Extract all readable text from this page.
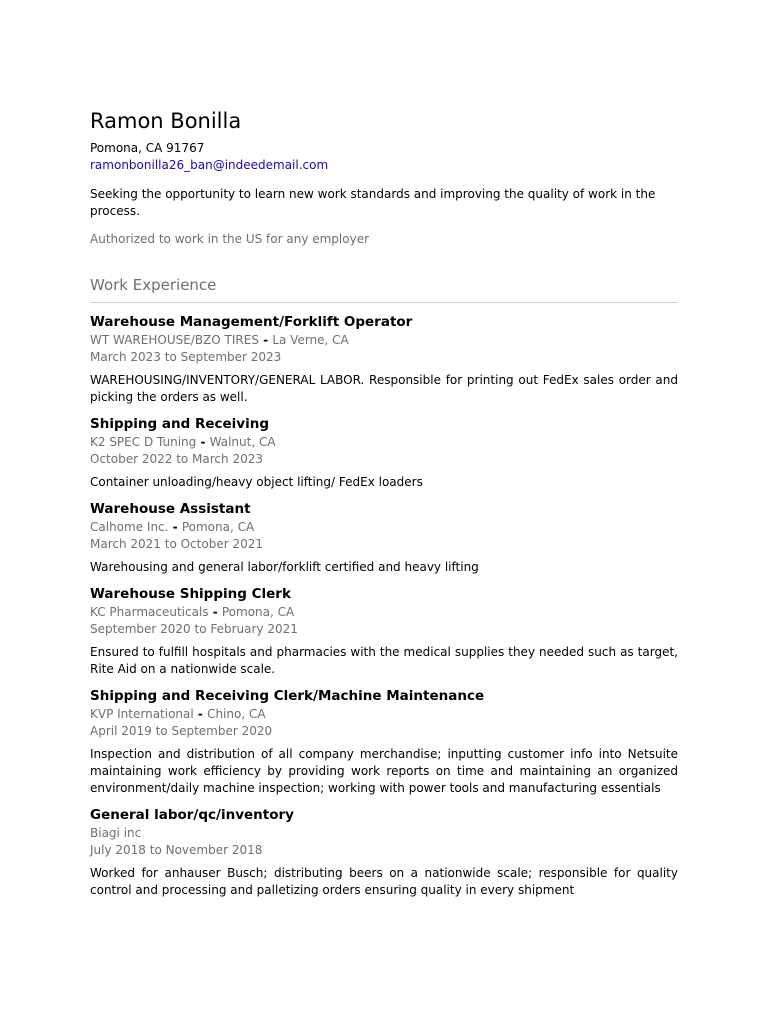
Ramon Bonilla

Pomona, CA 91767

ramonbonilla26_ban@indeedemail.com

Seeking the opportunity to learn new work standards and improving the quality of work in the process.

Authorized to work in the US for any employer

Work Experience

Warehouse Management/Forklift Operator

WT WAREHOUSE/BZO TIRES - La Verne, CA

March 2023 to September 2023

WAREHOUSING/INVENTORY/GENERAL LABOR. Responsible for printing out FedEx sales order and picking the orders as well.

Shipping and Receiving

K2 SPEC D Tuning - Walnut, CA

October 2022 to March 2023

Container unloading/heavy object lifting/ FedEx loaders

Warehouse Assistant

Calhome Inc. - Pomona, CA

March 2021 to October 2021

Warehousing and general labor/forklift certified and heavy lifting

Warehouse Shipping Clerk

KC Pharmaceuticals - Pomona, CA

September 2020 to February 2021

Ensured to fulfill hospitals and pharmacies with the medical supplies they needed such as target, Rite Aid on a nationwide scale.

Shipping and Receiving Clerk/Machine Maintenance

KVP International - Chino, CA

April 2019 to September 2020

Inspection and distribution of all company merchandise; inputting customer info into Netsuite maintaining work efficiency by providing work reports on time and maintaining an organized environment/daily machine inspection; working with power tools and manufacturing essentials

General labor/qc/inventory

Biagi inc

July 2018 to November 2018

Worked for anhauser Busch; distributing beers on a nationwide scale; responsible for quality control and processing and palletizing orders ensuring quality in every shipment
